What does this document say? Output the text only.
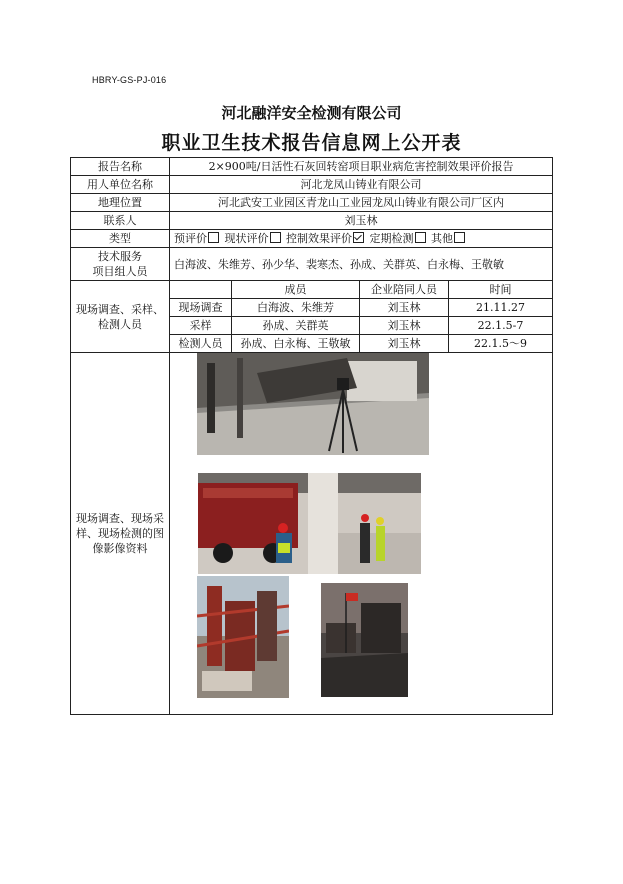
HBRY-GS-PJ-016
河北融洋安全检测有限公司
职业卫生技术报告信息网上公开表
报告名称	2×900吨/日活性石灰回转窑项目职业病危害控制效果评价报告			
用人单位名称	河北龙凤山铸业有限公司			
地理位置	河北武安工业园区青龙山工业园龙凤山铸业有限公司厂区内			
联系人	刘玉林			
类型	预评价 现状评价 控制效果评价 定期检测 其他			

技术服务
项目组人员	白海波、朱维芳、孙少华、裴寒杰、孙成、关群英、白永梅、王敬敏			
现场调查、采样、检测人员		成员	企业陪同人员	时间
	现场调查	白海波、朱维芳	刘玉林	21.11.27
	采样	孙成、关群英	刘玉林	22.1.5-7
	检测人员	孙成、白永梅、王敬敏	刘玉林	22.1.5～9
现场调查、现场采样、现场检测的图像影像资料	
